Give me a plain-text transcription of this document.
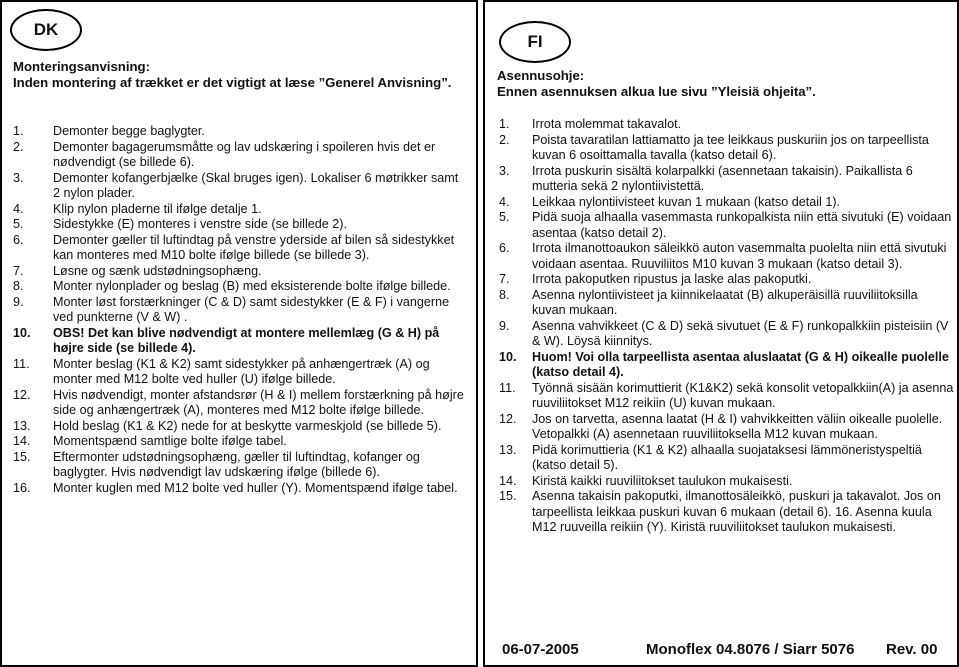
DK
Monteringsanvisning:
Inden montering af trækket er det vigtigt at læse ”Generel Anvisning”.
1. Demonter begge baglygter.
2. Demonter bagagerumsmåtte og lav udskæring i spoileren hvis det er nødvendigt (se billede 6).
3. Demonter kofangerbjælke (Skal bruges igen). Lokaliser 6 møtrikker samt 2 nylon plader.
4. Klip nylon pladerne til ifølge detalje 1.
5. Sidestykke (E) monteres i venstre side (se billede 2).
6. Demonter gæller til luftindtag på venstre yderside af bilen så sidestykket kan monteres med M10 bolte ifølge billede (se billede 3).
7. Løsne og sænk udstødningsophæng.
8. Monter nylonplader og beslag (B) med eksisterende bolte ifølge billede.
9. Monter løst forstærkninger (C & D) samt sidestykker (E & F) i vangerne ved punkterne (V & W) .
10. OBS! Det kan blive nødvendigt at montere mellemlæg (G & H) på højre side (se billede 4).
11. Monter beslag (K1 & K2) samt sidestykker på anhængertræk (A) og monter med M12 bolte ved huller (U) ifølge billede.
12. Hvis nødvendigt, monter afstandsrør (H & I) mellem forstærkning på højre side og anhængertræk (A), monteres med M12 bolte ifølge billede.
13. Hold beslag (K1 & K2) nede for at beskytte varmeskjold (se billede 5).
14. Momentspænd samtlige bolte ifølge tabel.
15. Eftermonter udstødningsophæng, gæller til luftindtag, kofanger og baglygter. Hvis nødvendigt lav udskæring ifølge (billede 6).
16. Monter kuglen med M12 bolte ved huller (Y). Momentspænd ifølge tabel.
FI
Asennusohje:
Ennen asennuksen alkua lue sivu ”Yleisiä ohjeita”.
1. Irrota molemmat takavalot.
2. Poista tavaratilan lattiamatto ja tee leikkaus puskuriin jos on tarpeellista kuvan 6 osoittamalla tavalla (katso detail 6).
3. Irrota puskurin sisältä kolarpalkki (asennetaan takaisin). Paikallista 6 mutteria sekä 2 nylontiivistettä.
4. Leikkaa nylontiivisteet kuvan 1 mukaan (katso detail 1).
5. Pidä suoja alhaalla vasemmasta runkopalkista niin että sivutuki (E) voidaan asentaa (katso detail 2).
6. Irrota ilmanottoaukon säleikkö auton vasemmalta puolelta niin että sivutuki voidaan asentaa. Ruuviliitos M10 kuvan 3 mukaan (katso detail 3).
7. Irrota pakoputken ripustus ja laske alas pakoputki.
8. Asenna nylontiivisteet ja kiinnikelaatat (B) alkuperäisillä ruuviliitoksilla kuvan mukaan.
9. Asenna vahvikkeet (C & D) sekä sivutuet (E & F) runkopalkkiin pisteisiin (V & W). Löysä kiinnitys.
10. Huom! Voi olla tarpeellista asentaa aluslaatat (G & H) oikealle puolelle (katso detail 4).
11. Työnnä sisään korimuttierit (K1&K2) sekä konsolit vetopalkkiin(A) ja asenna ruuviliitokset M12 reikiin (U) kuvan mukaan.
12. Jos on tarvetta, asenna laatat (H & I) vahvikkeitten väliin oikealle puolelle. Vetopalkki (A) asennetaan ruuviliitoksella M12 kuvan mukaan.
13. Pidä korimuttieria (K1 & K2) alhaalla suojataksesi lämmöneristyspeltiä (katso detail 5).
14. Kiristä kaikki ruuviliitokset taulukon mukaisesti.
15. Asenna takaisin pakoputki, ilmanottosäleikkö, puskuri ja takavalot. Jos on tarpeellista leikkaa puskuri kuvan 6 mukaan (detail 6). 16. Asenna kuula M12 ruuveilla reikiin (Y). Kiristä ruuviliitokset taulukon mukaisesti.
06-07-2005	Monoflex 04.8076 / Siarr 5076 Rev. 00
